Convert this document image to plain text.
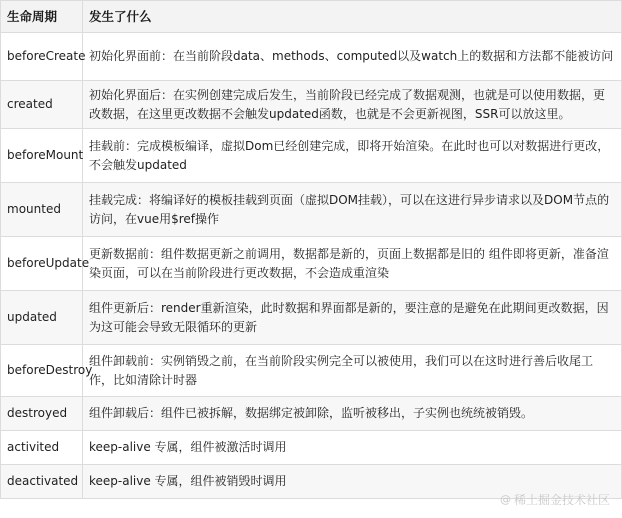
生命周期	发生了什么
beforeCreate	初始化界面前：在当前阶段data、methods、computed以及watch上的数据和方法都不能被访问
created	初始化界面后：在实例创建完成后发生，当前阶段已经完成了数据观测，也就是可以使用数据，更改数据，在这里更改数据不会触发updated函数，也就是不会更新视图，SSR可以放这里。
beforeMount	挂载前：完成模板编译，虚拟Dom已经创建完成，即将开始渲染。在此时也可以对数据进行更改，不会触发updated
mounted	挂载完成：将编译好的模板挂载到页面（虚拟DOM挂载），可以在这进行异步请求以及DOM节点的访问，在vue用$ref操作
beforeUpdate	更新数据前：组件数据更新之前调用，数据都是新的，页面上数据都是旧的 组件即将更新，准备渲染页面，可以在当前阶段进行更改数据，不会造成重渲染
updated	组件更新后：render重新渲染，此时数据和界面都是新的，要注意的是避免在此期间更改数据，因为这可能会导致无限循环的更新
beforeDestroy	组件卸载前：实例销毁之前，在当前阶段实例完全可以被使用，我们可以在这时进行善后收尾工作，比如清除计时器
destroyed	组件卸载后：组件已被拆解，数据绑定被卸除，监听被移出，子实例也统统被销毁。
activited	keep-alive 专属，组件被激活时调用
deactivated	keep-alive 专属，组件被销毁时调用
@ 稀土掘金技术社区
